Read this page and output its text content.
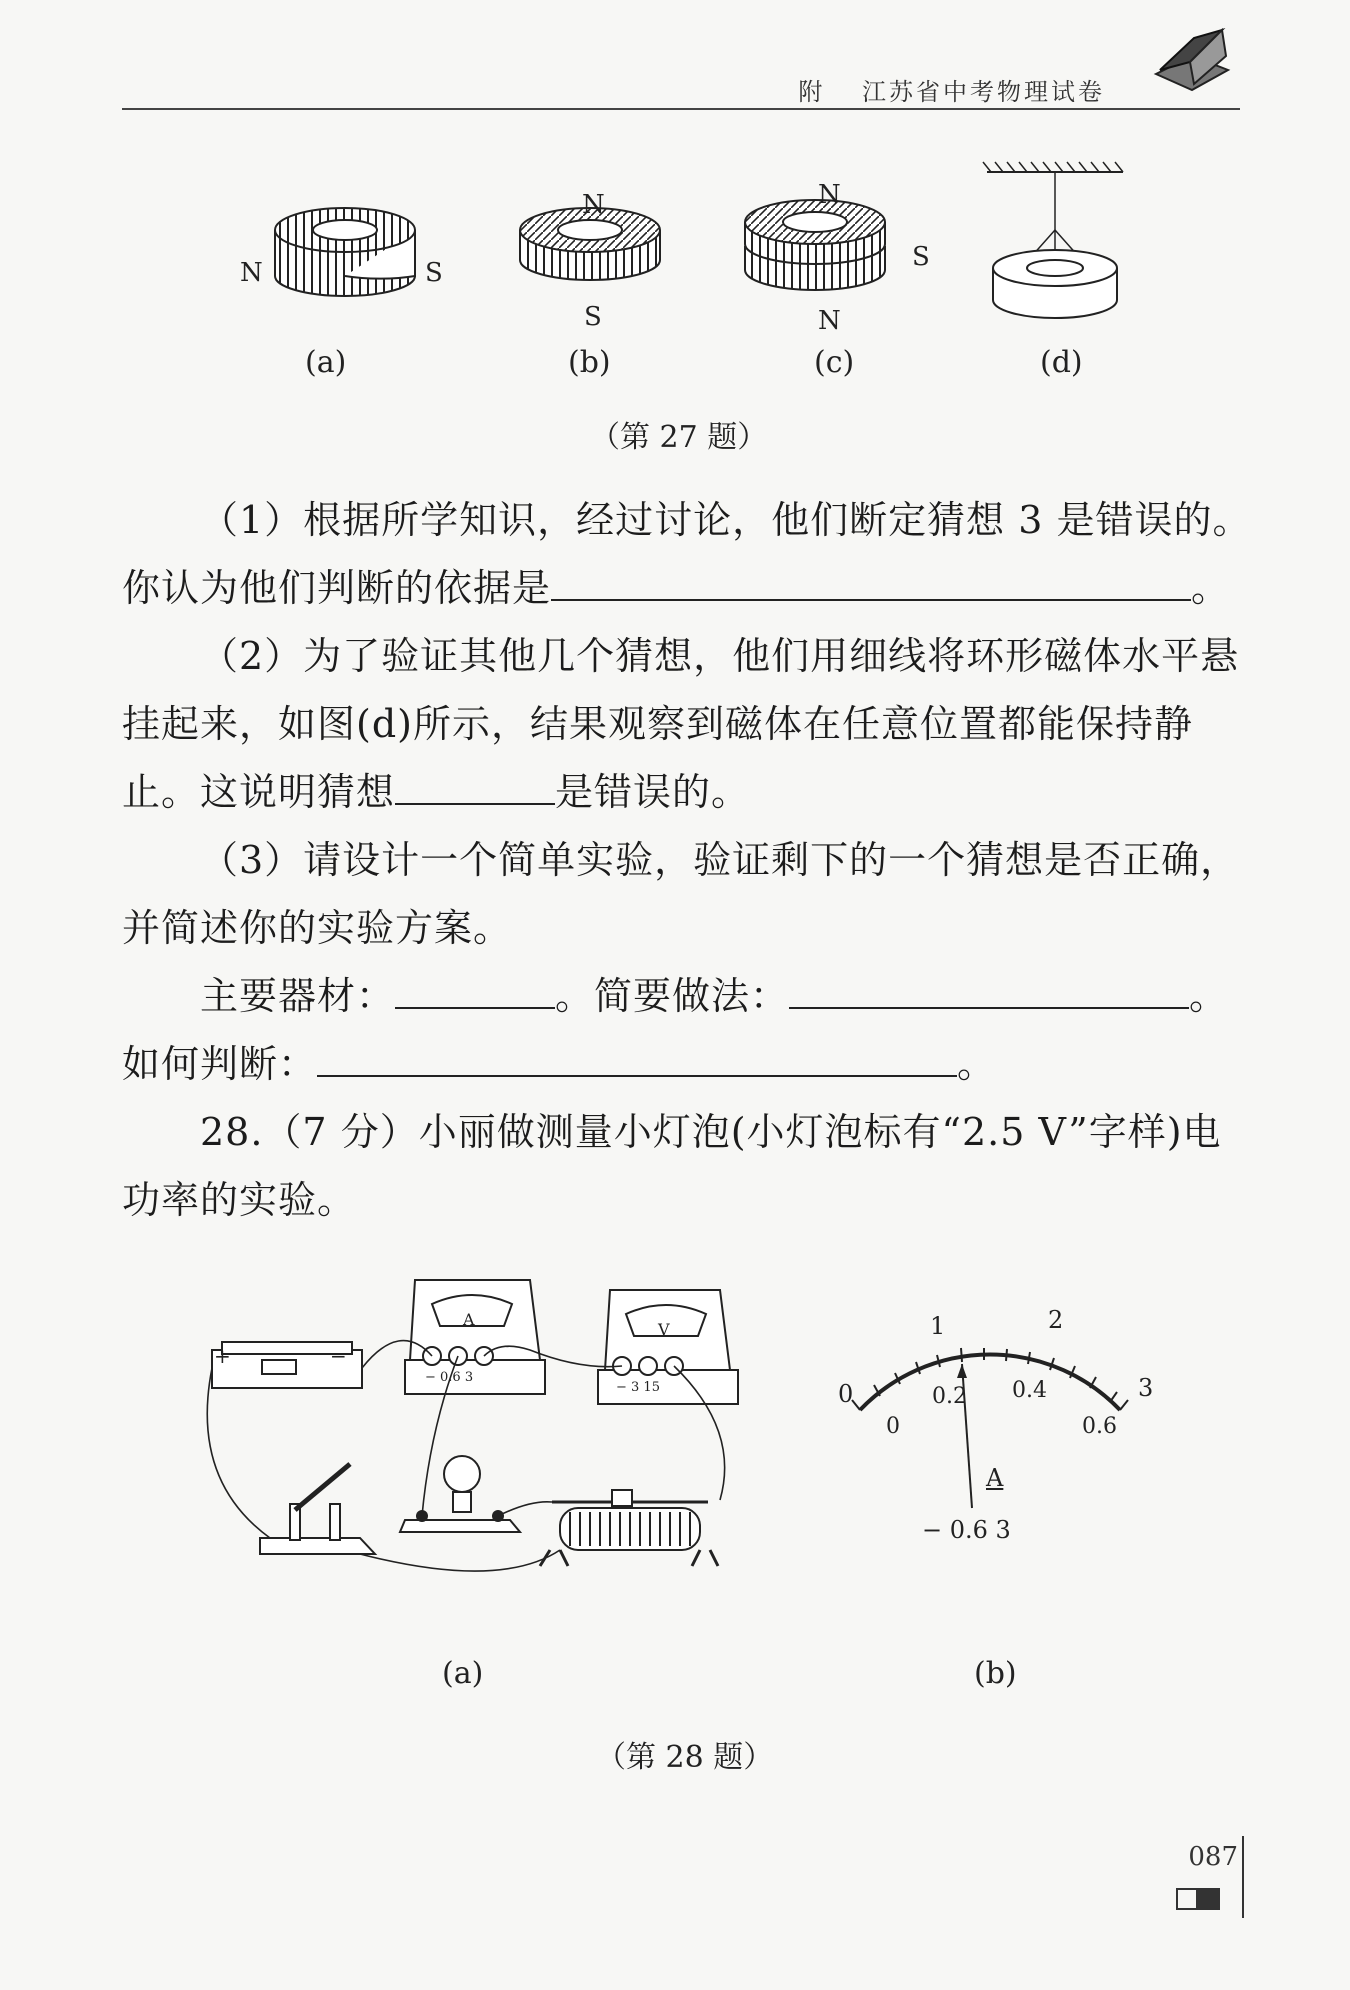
附 江苏省中考物理试卷
N	S
N
S
N
S
N
(a)	(b)	(c)	(d)
（第 27 题）
（1）根据所学知识，经过讨论，他们断定猜想 3 是错误的。
你认为他们判断的依据是	。
（2）为了验证其他几个猜想，他们用细线将环形磁体水平悬
挂起来，如图(d)所示，结果观察到磁体在任意位置都能保持静
止。这说明猜想	是错误的。
（3）请设计一个简单实验，验证剩下的一个猜想是否正确，
并简述你的实验方案。
主要器材：	。简要做法：	。
如何判断：	。
28.（7 分）小丽做测量小灯泡(小灯泡标有“2.5 V”字样)电
功率的实验。
+	−
A
V
− 0.6 3
− 3 15	0
1	2
3
0
0.2 0.4
0.6
A
− 0.6 3
(a)	(b)
（第 28 题）
087
